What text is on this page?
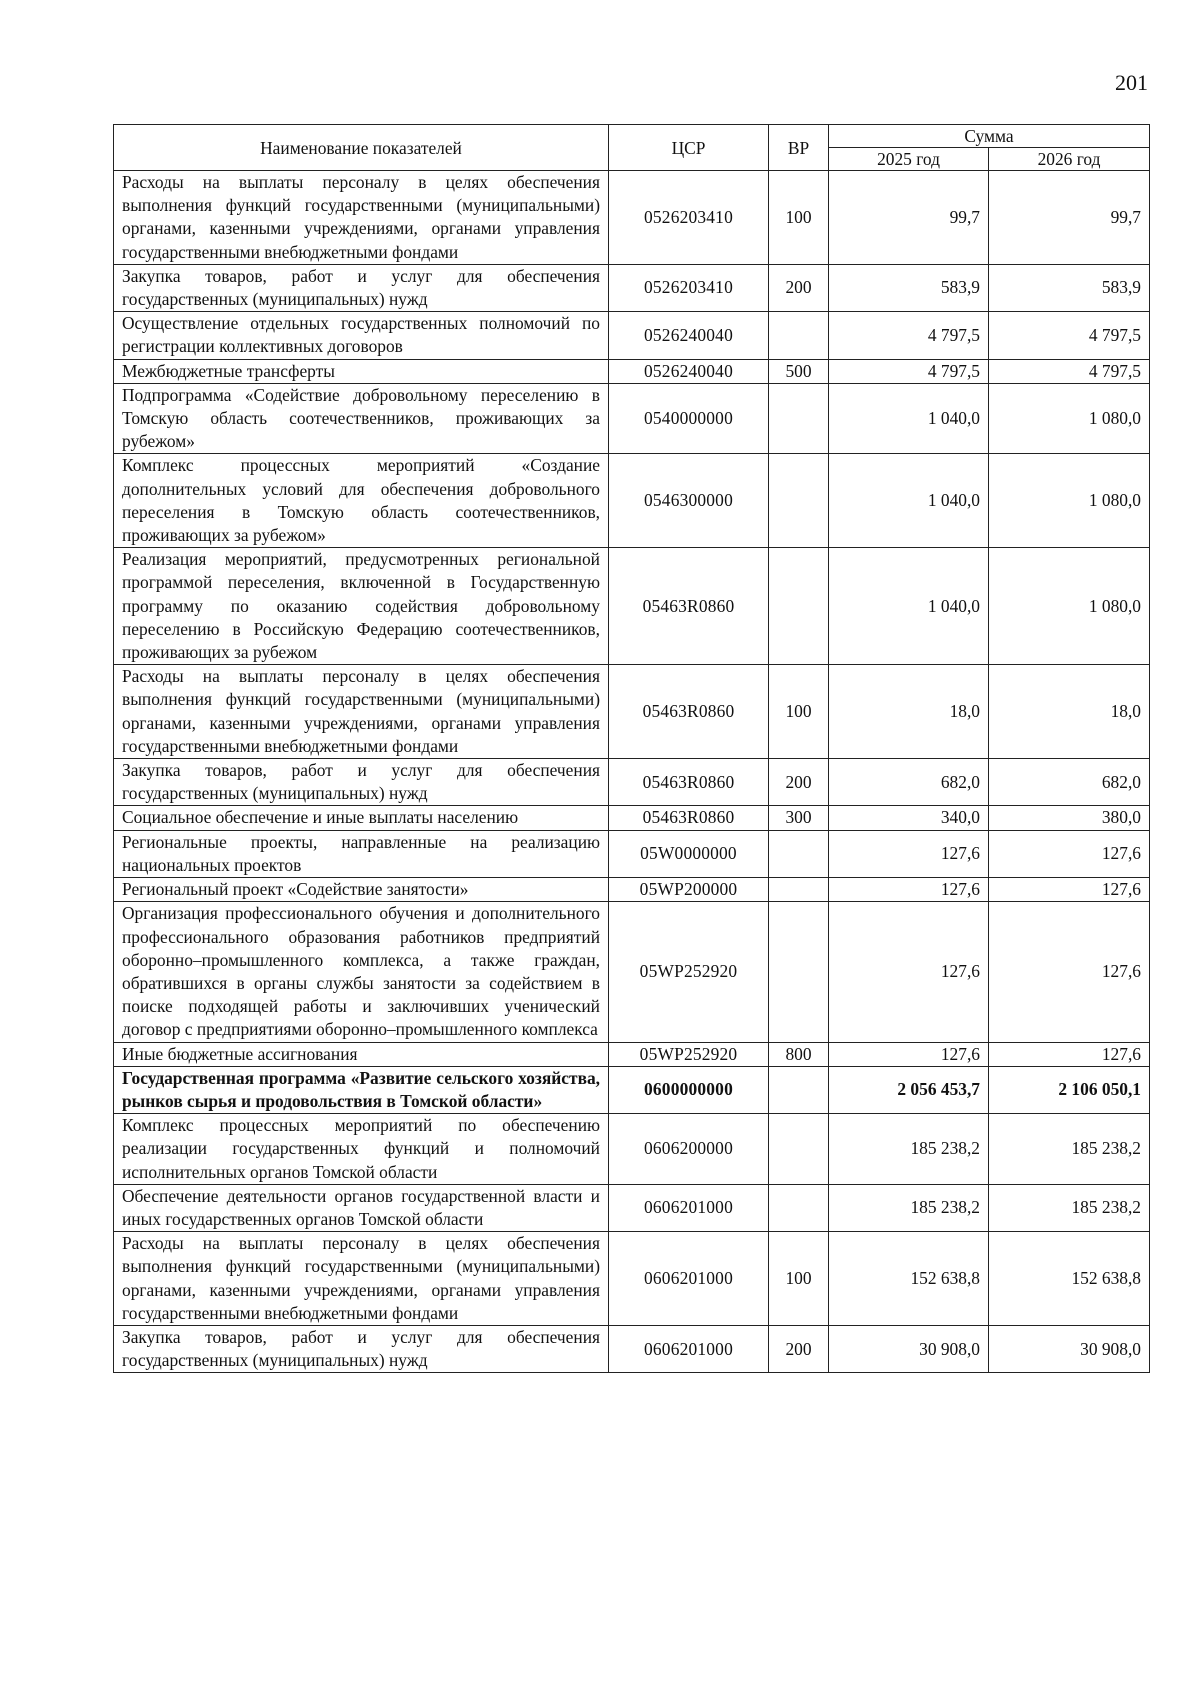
201
Наименование показателей	ЦСР	ВР	Сумма	
			2025 год	2026 год
Расходы на выплаты персоналу в целях обеспечения выполнения функций государственными (муниципальными) органами, казенными учреждениями, органами управления государственными внебюджетными фондами	0526203410	100	99,7	99,7
Закупка товаров, работ и услуг для обеспечения государственных (муниципальных) нужд	0526203410	200	583,9	583,9
Осуществление отдельных государственных полномочий по регистрации коллективных договоров	0526240040		4 797,5	4 797,5
Межбюджетные трансферты	0526240040	500	4 797,5	4 797,5
Подпрограмма «Содействие добровольному переселению в Томскую область соотечественников, проживающих за рубежом»	0540000000		1 040,0	1 080,0
Комплекс процессных мероприятий «Создание дополнительных условий для обеспечения добровольного переселения в Томскую область соотечественников, проживающих за рубежом»	0546300000		1 040,0	1 080,0
Реализация мероприятий, предусмотренных региональной программой переселения, включенной в Государственную программу по оказанию содействия добровольному переселению в Российскую Федерацию соотечественников, проживающих за рубежом	05463R0860		1 040,0	1 080,0
Расходы на выплаты персоналу в целях обеспечения выполнения функций государственными (муниципальными) органами, казенными учреждениями, органами управления государственными внебюджетными фондами	05463R0860	100	18,0	18,0
Закупка товаров, работ и услуг для обеспечения государственных (муниципальных) нужд	05463R0860	200	682,0	682,0
Социальное обеспечение и иные выплаты населению	05463R0860	300	340,0	380,0
Региональные проекты, направленные на реализацию национальных проектов	05W0000000		127,6	127,6
Региональный проект «Содействие занятости»	05WP200000		127,6	127,6
Организация профессионального обучения и дополнительного профессионального образования работников предприятий оборонно–промышленного комплекса, а также граждан, обратившихся в органы службы занятости за содействием в поиске подходящей работы и заключивших ученический договор с предприятиями оборонно–промышленного комплекса	05WP252920		127,6	127,6
Иные бюджетные ассигнования	05WP252920	800	127,6	127,6
Государственная программа «Развитие сельского хозяйства, рынков сырья и продовольствия в Томской области»	0600000000		2 056 453,7	2 106 050,1
Комплекс процессных мероприятий по обеспечению реализации государственных функций и полномочий исполнительных органов Томской области	0606200000		185 238,2	185 238,2
Обеспечение деятельности органов государственной власти и иных государственных органов Томской области	0606201000		185 238,2	185 238,2
Расходы на выплаты персоналу в целях обеспечения выполнения функций государственными (муниципальными) органами, казенными учреждениями, органами управления государственными внебюджетными фондами	0606201000	100	152 638,8	152 638,8
Закупка товаров, работ и услуг для обеспечения государственных (муниципальных) нужд	0606201000	200	30 908,0	30 908,0
